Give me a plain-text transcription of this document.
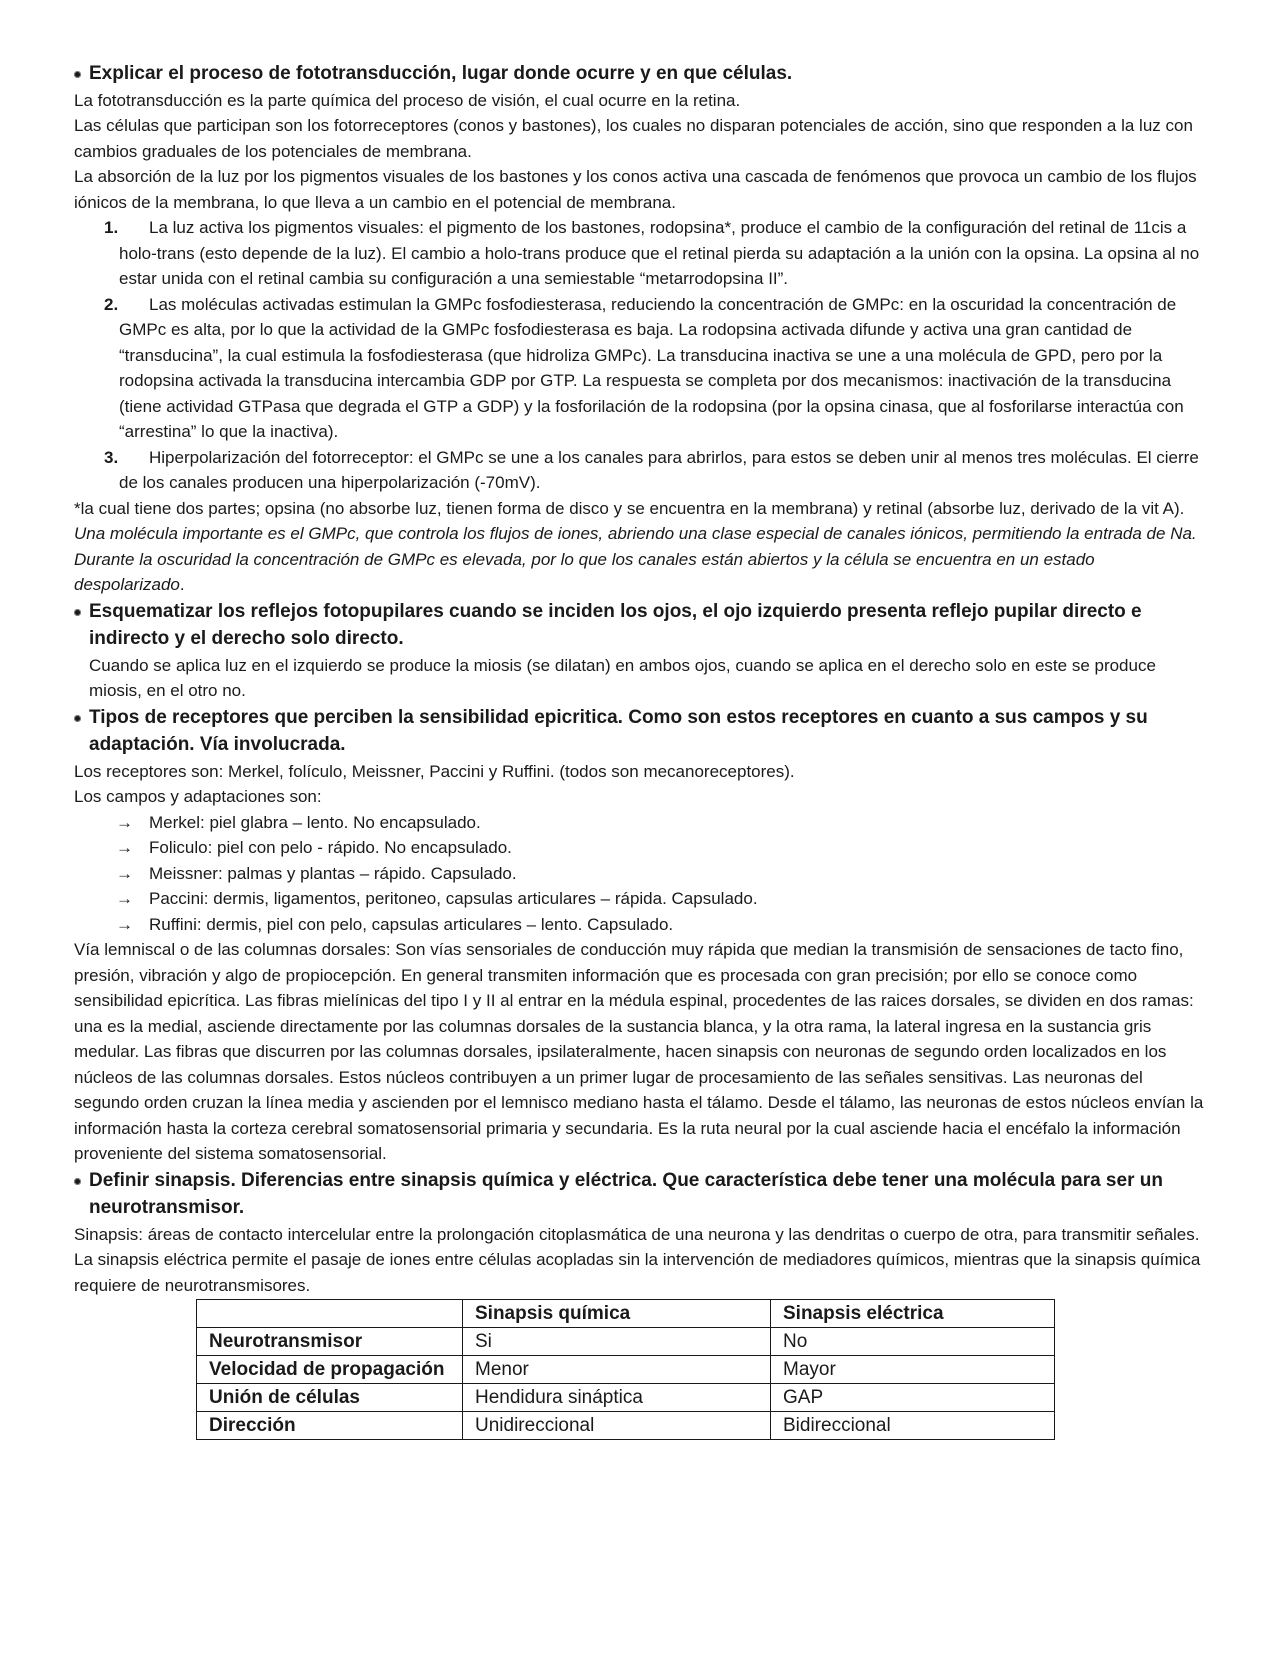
Explicar el proceso de fototransducción, lugar donde ocurre y en que células.

La fototransducción es la parte química del proceso de visión, el cual ocurre en la retina.

Las células que participan son los fotorreceptores (conos y bastones), los cuales no disparan potenciales de acción, sino que responden a la luz con cambios graduales de los potenciales de membrana.

La absorción de la luz por los pigmentos visuales de los bastones y los conos activa una cascada de fenómenos que provoca un cambio de los flujos iónicos de la membrana, lo que lleva a un cambio en el potencial de membrana.

1. La luz activa los pigmentos visuales: el pigmento de los bastones, rodopsina*, produce el cambio de la configuración del retinal de 11cis a holo-trans (esto depende de la luz). El cambio a holo-trans produce que el retinal pierda su adaptación a la unión con la opsina. La opsina al no estar unida con el retinal cambia su configuración a una semiestable “metarrodopsina II”.
2. Las moléculas activadas estimulan la GMPc fosfodiesterasa, reduciendo la concentración de GMPc: en la oscuridad la concentración de GMPc es alta, por lo que la actividad de la GMPc fosfodiesterasa es baja. La rodopsina activada difunde y activa una gran cantidad de “transducina”, la cual estimula la fosfodiesterasa (que hidroliza GMPc). La transducina inactiva se une a una molécula de GPD, pero por la rodopsina activada la transducina intercambia GDP por GTP. La respuesta se completa por dos mecanismos: inactivación de la transducina (tiene actividad GTPasa que degrada el GTP a GDP) y la fosforilación de la rodopsina (por la opsina cinasa, que al fosforilarse interactúa con “arrestina” lo que la inactiva).
3. Hiperpolarización del fotorreceptor: el GMPc se une a los canales para abrirlos, para estos se deben unir al menos tres moléculas. El cierre de los canales producen una hiperpolarización (-70mV).

*la cual tiene dos partes; opsina (no absorbe luz, tienen forma de disco y se encuentra en la membrana) y retinal (absorbe luz, derivado de la vit A).

Una molécula importante es el GMPc, que controla los flujos de iones, abriendo una clase especial de canales iónicos, permitiendo la entrada de Na. Durante la oscuridad la concentración de GMPc es elevada, por lo que los canales están abiertos y la célula se encuentra en un estado despolarizado.

Esquematizar los reflejos fotopupilares cuando se inciden los ojos, el ojo izquierdo presenta reflejo pupilar directo e indirecto y el derecho solo directo.

Cuando se aplica luz en el izquierdo se produce la miosis (se dilatan) en ambos ojos, cuando se aplica en el derecho solo en este se produce miosis, en el otro no.

Tipos de receptores que perciben la sensibilidad epicritica. Como son estos receptores en cuanto a sus campos y su adaptación. Vía involucrada.

Los receptores son: Merkel, folículo, Meissner, Paccini y Ruffini. (todos son mecanoreceptores).

Los campos y adaptaciones son:

→ Merkel: piel glabra – lento. No encapsulado.
→ Foliculo: piel con pelo - rápido. No encapsulado.
→ Meissner: palmas y plantas – rápido. Capsulado.
→ Paccini: dermis, ligamentos, peritoneo, capsulas articulares – rápida. Capsulado.
→ Ruffini: dermis, piel con pelo, capsulas articulares – lento. Capsulado.

Vía lemniscal o de las columnas dorsales: Son vías sensoriales de conducción muy rápida que median la transmisión de sensaciones de tacto fino, presión, vibración y algo de propiocepción. En general transmiten información que es procesada con gran precisión; por ello se conoce como sensibilidad epicrítica. Las fibras mielínicas del tipo I y II al entrar en la médula espinal, procedentes de las raices dorsales, se dividen en dos ramas: una es la medial, asciende directamente por las columnas dorsales de la sustancia blanca, y la otra rama, la lateral ingresa en la sustancia gris medular. Las fibras que discurren por las columnas dorsales, ipsilateralmente, hacen sinapsis con neuronas de segundo orden localizados en los núcleos de las columnas dorsales. Estos núcleos contribuyen a un primer lugar de procesamiento de las señales sensitivas. Las neuronas del segundo orden cruzan la línea media y ascienden por el lemnisco mediano hasta el tálamo. Desde el tálamo, las neuronas de estos núcleos envían la información hasta la corteza cerebral somatosensorial primaria y secundaria. Es la ruta neural por la cual asciende hacia el encéfalo la información proveniente del sistema somatosensorial.

Definir sinapsis. Diferencias entre sinapsis química y eléctrica. Que característica debe tener una molécula para ser un neurotransmisor.

Sinapsis: áreas de contacto intercelular entre la prolongación citoplasmática de una neurona y las dendritas o cuerpo de otra, para transmitir señales. La sinapsis eléctrica permite el pasaje de iones entre células acopladas sin la intervención de mediadores químicos, mientras que la sinapsis química requiere de neurotransmisores.

	Sinapsis química	Sinapsis eléctrica
Neurotransmisor	Si	No
Velocidad de propagación	Menor	Mayor
Unión de células	Hendidura sináptica	GAP
Dirección	Unidireccional	Bidireccional
